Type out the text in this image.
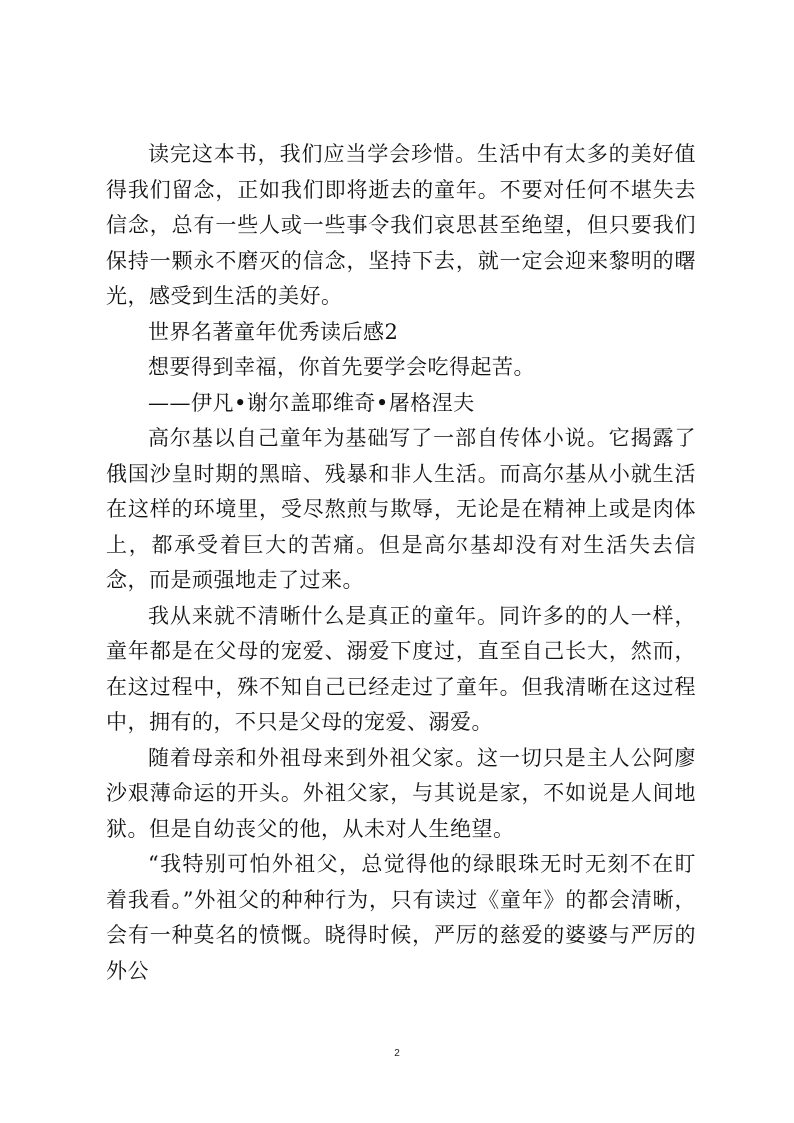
读完这本书，我们应当学会珍惜。生活中有太多的美好值得我们留念，正如我们即将逝去的童年。不要对任何不堪失去信念，总有一些人或一些事令我们哀思甚至绝望，但只要我们保持一颗永不磨灭的信念，坚持下去，就一定会迎来黎明的曙光，感受到生活的美好。

世界名著童年优秀读后感2

想要得到幸福，你首先要学会吃得起苦。

——伊凡•谢尔盖耶维奇•屠格涅夫

高尔基以自己童年为基础写了一部自传体小说。它揭露了俄国沙皇时期的黑暗、残暴和非人生活。而高尔基从小就生活在这样的环境里，受尽熬煎与欺辱，无论是在精神上或是肉体上，都承受着巨大的苦痛。但是高尔基却没有对生活失去信念，而是顽强地走了过来。

我从来就不清晰什么是真正的童年。同许多的的人一样，童年都是在父母的宠爱、溺爱下度过，直至自己长大，然而，在这过程中，殊不知自己已经走过了童年。但我清晰在这过程中，拥有的，不只是父母的宠爱、溺爱。

随着母亲和外祖母来到外祖父家。这一切只是主人公阿廖沙艰薄命运的开头。外祖父家，与其说是家，不如说是人间地狱。但是自幼丧父的他，从未对人生绝望。

“我特别可怕外祖父，总觉得他的绿眼珠无时无刻不在盯着我看。”外祖父的种种行为，只有读过《童年》的都会清晰，会有一种莫名的愤慨。晓得时候，严厉的慈爱的婆婆与严厉的外公

2
